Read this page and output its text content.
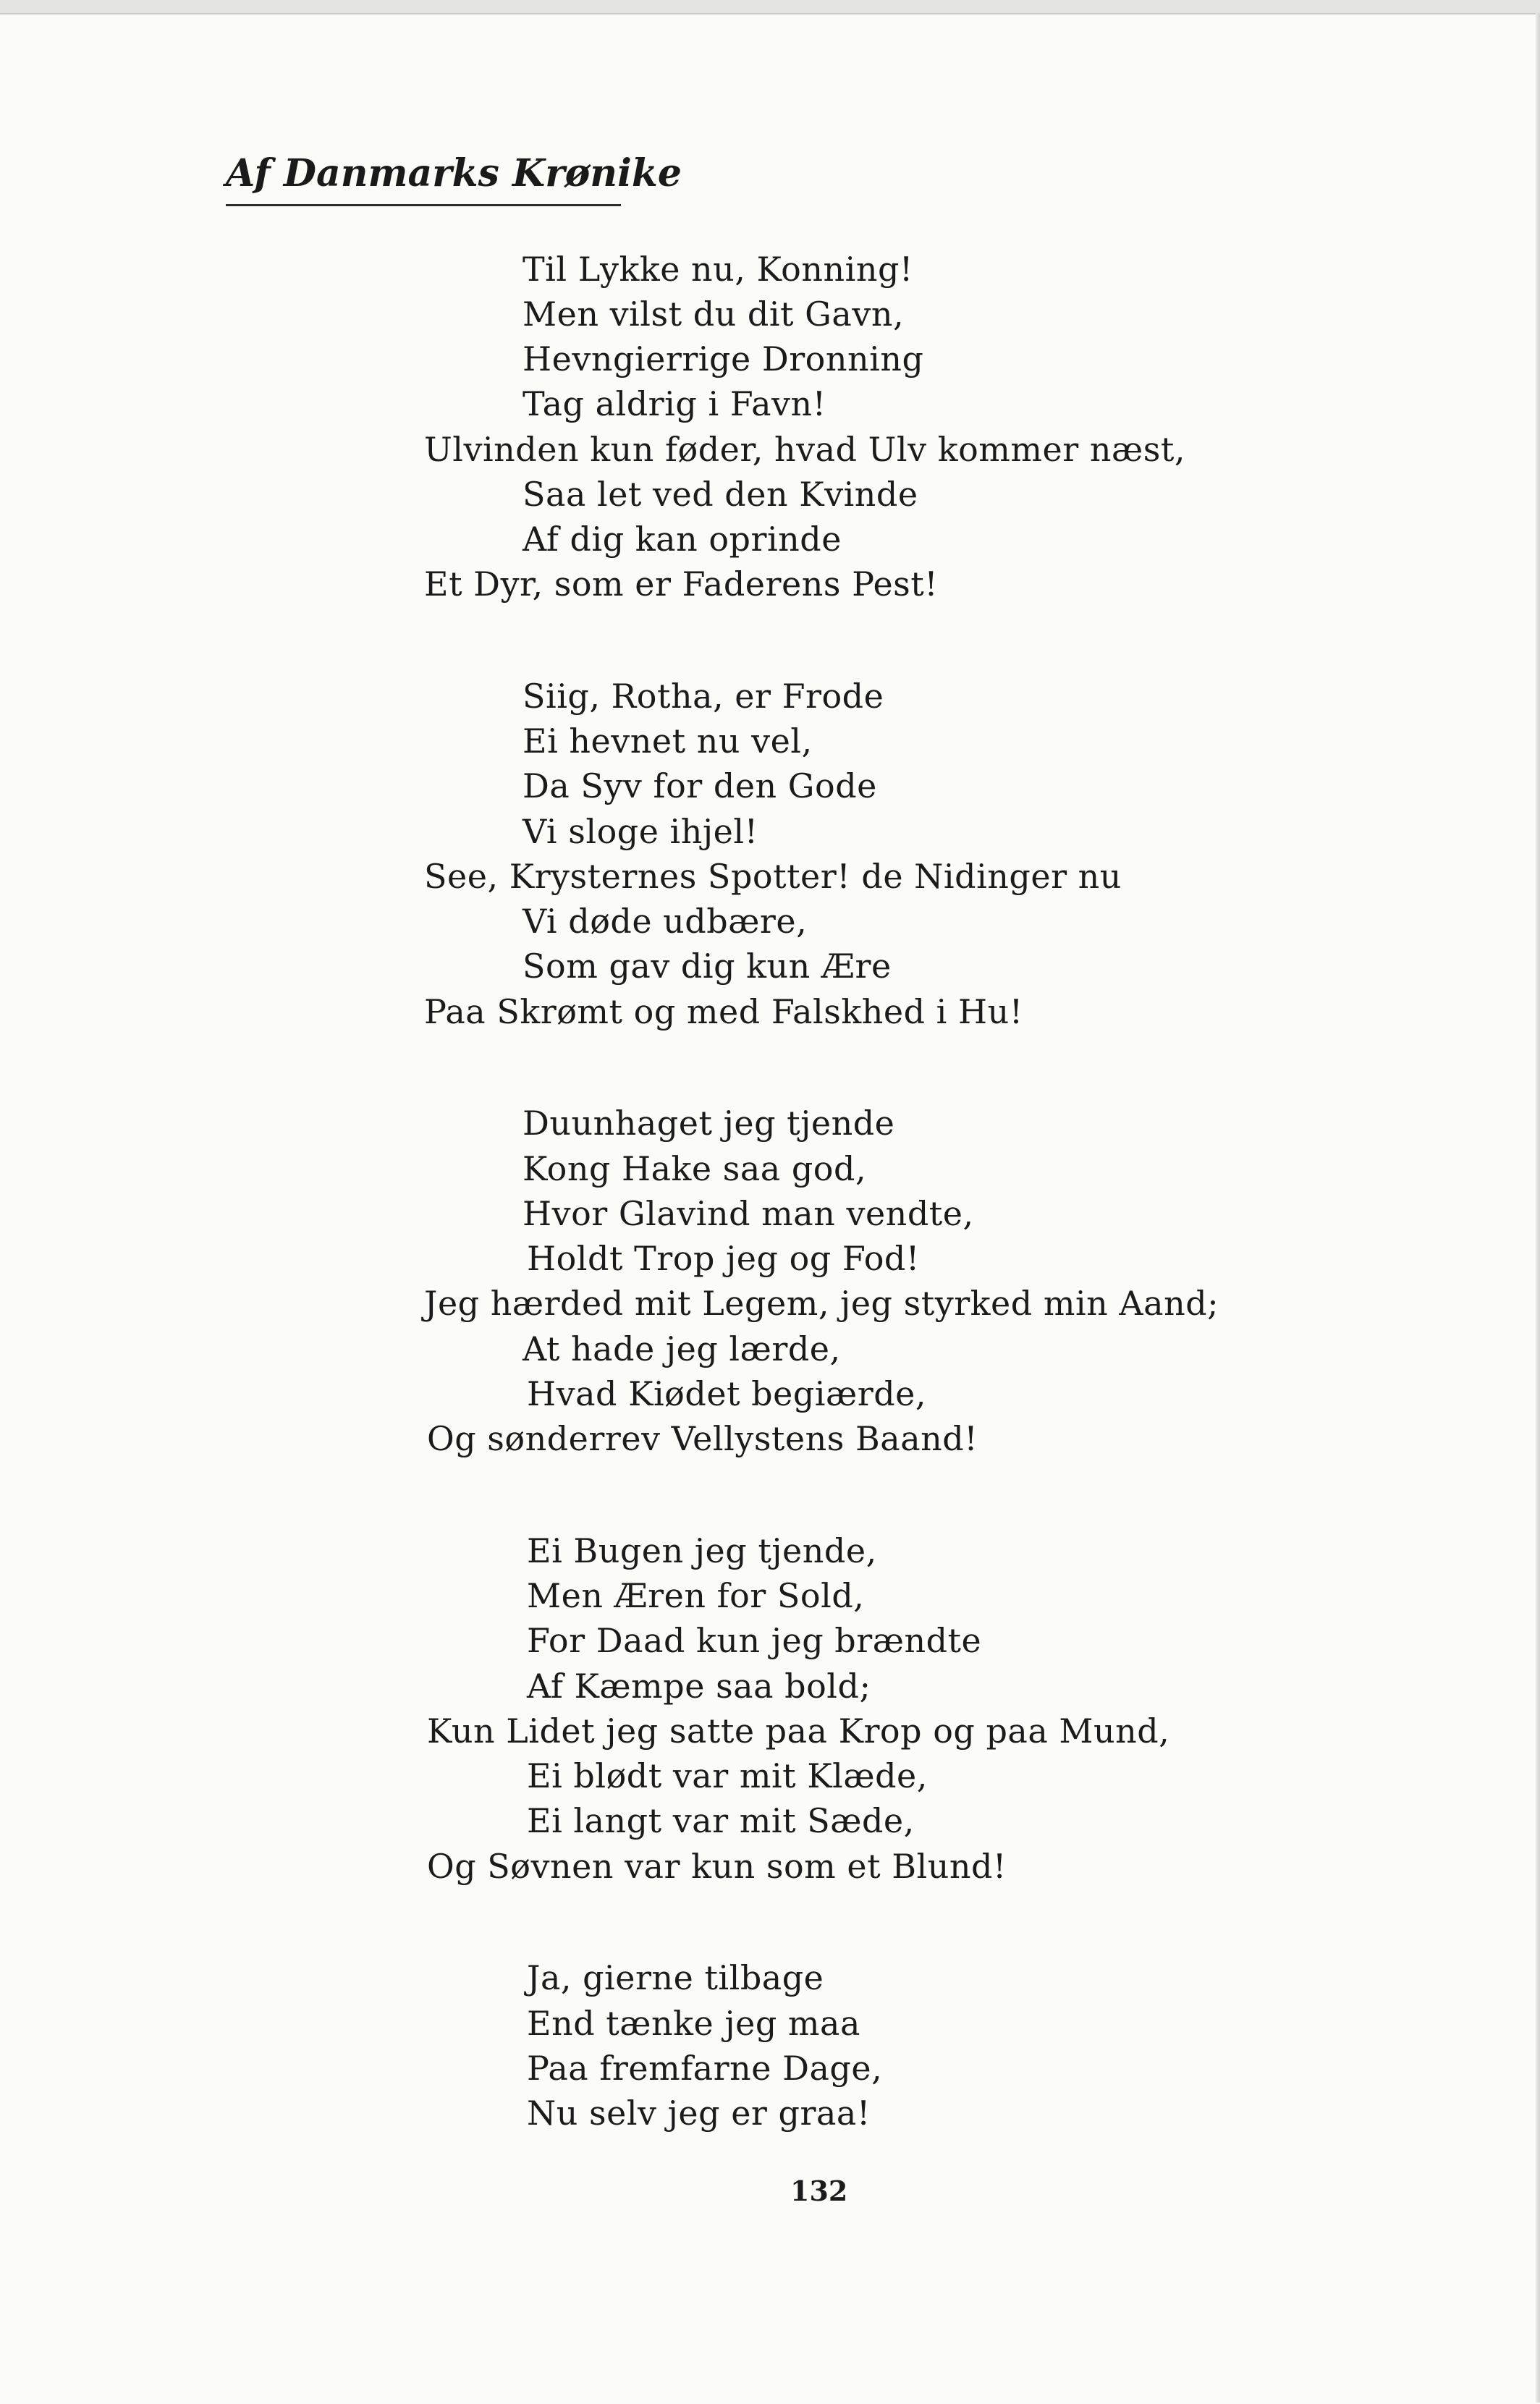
Af Danmarks Krønike
Til Lykke nu, Konning!
Men vilst du dit Gavn,
Hevngierrige Dronning
Tag aldrig i Favn!
Ulvinden kun føder, hvad Ulv kommer næst,
Saa let ved den Kvinde
Af dig kan oprinde
Et Dyr, som er Faderens Pest!
Siig, Rotha, er Frode
Ei hevnet nu vel,
Da Syv for den Gode
Vi sloge ihjel!
See, Krysternes Spotter! de Nidinger nu
Vi døde udbære,
Som gav dig kun Ære
Paa Skrømt og med Falskhed i Hu!
Duunhaget jeg tjende
Kong Hake saa god,
Hvor Glavind man vendte,
Holdt Trop jeg og Fod!
Jeg hærded mit Legem, jeg styrked min Aand;
At hade jeg lærde,
Hvad Kiødet begiærde,
Og sønderrev Vellystens Baand!
Ei Bugen jeg tjende,
Men Æren for Sold,
For Daad kun jeg brændte
Af Kæmpe saa bold;
Kun Lidet jeg satte paa Krop og paa Mund,
Ei blødt var mit Klæde,
Ei langt var mit Sæde,
Og Søvnen var kun som et Blund!
Ja, gierne tilbage
End tænke jeg maa
Paa fremfarne Dage,
Nu selv jeg er graa!
132
